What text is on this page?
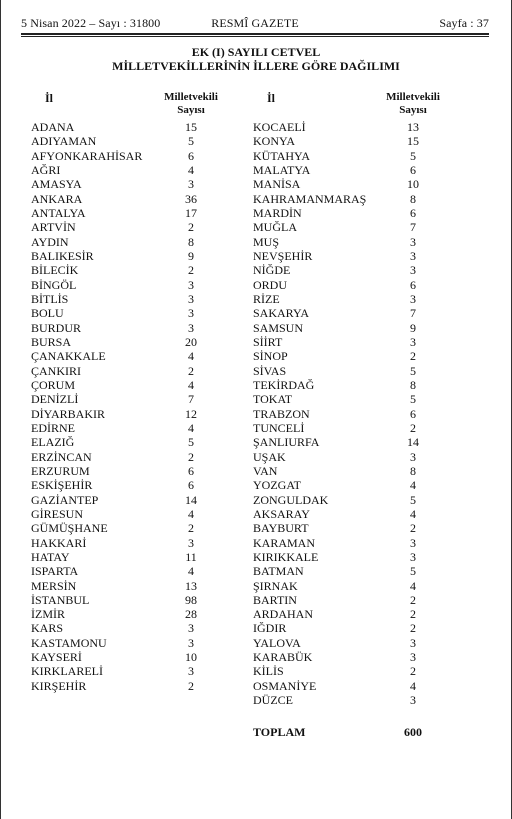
5 Nisan 2022 – Sayı : 31800	RESMÎ GAZETE	Sayfa : 37
EK (I) SAYILI CETVEL
MİLLETVEKİLLERİNİN İLLERE GÖRE DAĞILIMI
İl	Milletvekili
Sayısı
ADANA	15
ADIYAMAN	5
AFYONKARAHİSAR	6
AĞRI	4
AMASYA	3
ANKARA	36
ANTALYA	17
ARTVİN	2
AYDIN	8
BALIKESİR	9
BİLECİK	2
BİNGÖL	3
BİTLİS	3
BOLU	3
BURDUR	3
BURSA	20
ÇANAKKALE	4
ÇANKIRI	2
ÇORUM	4
DENİZLİ	7
DİYARBAKIR	12
EDİRNE	4
ELAZIĞ	5
ERZİNCAN	2
ERZURUM	6
ESKİŞEHİR	6
GAZİANTEP	14
GİRESUN	4
GÜMÜŞHANE	2
HAKKARİ	3
HATAY	11
ISPARTA	4
MERSİN	13
İSTANBUL	98
İZMİR	28
KARS	3
KASTAMONU	3
KAYSERİ	10
KIRKLARELİ	3
KIRŞEHİR	2
İl	Milletvekili
Sayısı
KOCAELİ	13
KONYA	15
KÜTAHYA	5
MALATYA	6
MANİSA	10
KAHRAMANMARAŞ	8
MARDİN	6
MUĞLA	7
MUŞ	3
NEVŞEHİR	3
NİĞDE	3
ORDU	6
RİZE	3
SAKARYA	7
SAMSUN	9
SİİRT	3
SİNOP	2
SİVAS	5
TEKİRDAĞ	8
TOKAT	5
TRABZON	6
TUNCELİ	2
ŞANLIURFA	14
UŞAK	3
VAN	8
YOZGAT	4
ZONGULDAK	5
AKSARAY	4
BAYBURT	2
KARAMAN	3
KIRIKKALE	3
BATMAN	5
ŞIRNAK	4
BARTIN	2
ARDAHAN	2
IĞDIR	2
YALOVA	3
KARABÜK	3
KİLİS	2
OSMANİYE	4
DÜZCE	3
TOPLAM	600
